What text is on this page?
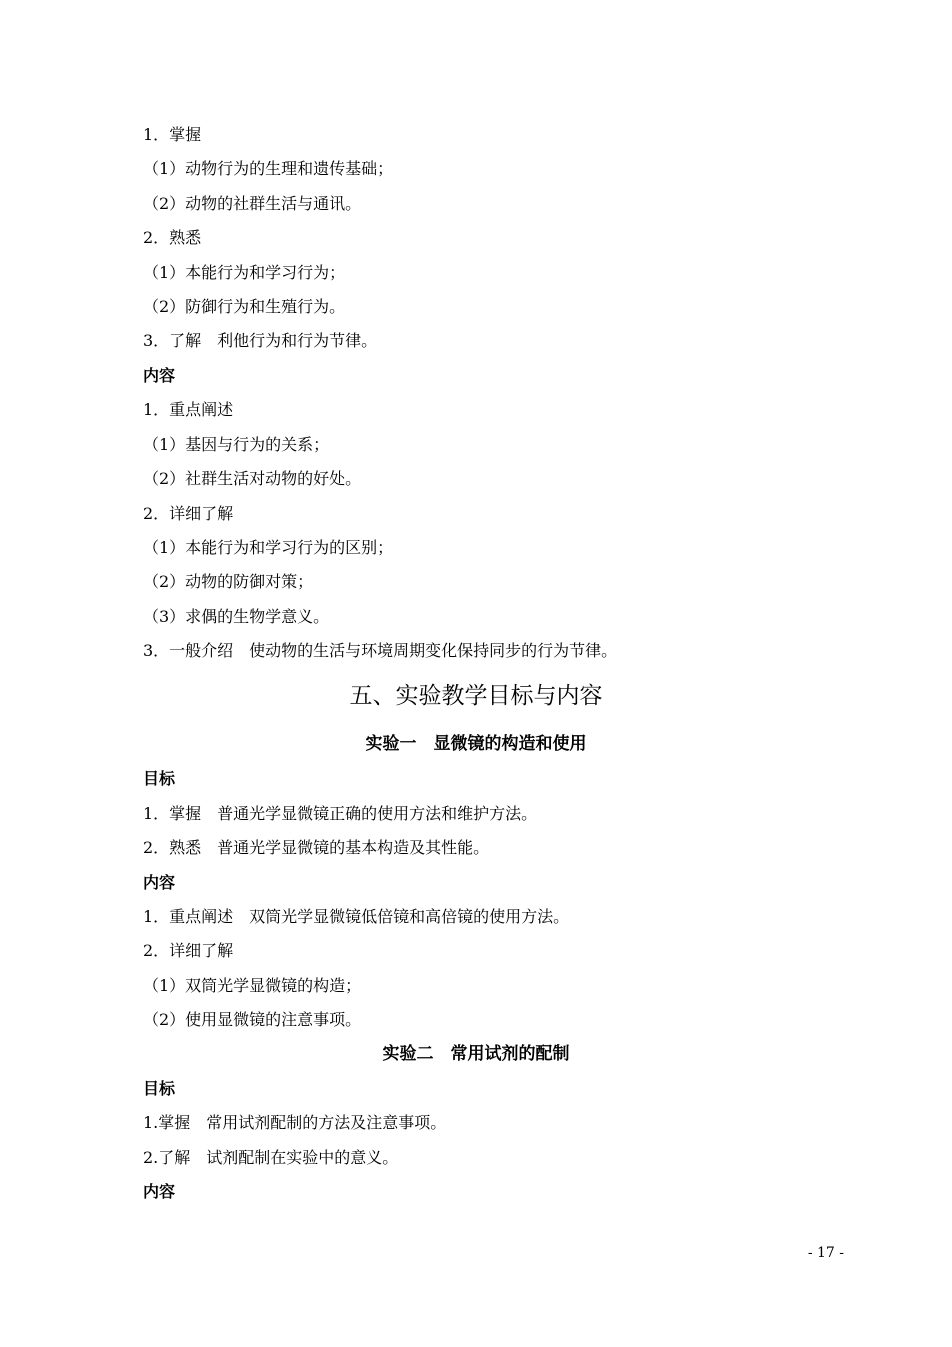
1．掌握
（1）动物行为的生理和遗传基础；
（2）动物的社群生活与通讯。
2．熟悉
（1）本能行为和学习行为；
（2）防御行为和生殖行为。
3．了解　利他行为和行为节律。
内容
1．重点阐述
（1）基因与行为的关系；
（2）社群生活对动物的好处。
2．详细了解
（1）本能行为和学习行为的区别；
（2）动物的防御对策；
（3）求偶的生物学意义。
3．一般介绍　使动物的生活与环境周期变化保持同步的行为节律。
五、实验教学目标与内容
实验一　显微镜的构造和使用
目标
1．掌握　普通光学显微镜正确的使用方法和维护方法。
2．熟悉　普通光学显微镜的基本构造及其性能。
内容
1．重点阐述　双筒光学显微镜低倍镜和高倍镜的使用方法。
2．详细了解
（1）双筒光学显微镜的构造；
（2）使用显微镜的注意事项。
实验二　常用试剂的配制
目标
1.掌握　常用试剂配制的方法及注意事项。
2.了解　试剂配制在实验中的意义。
内容
- 17 -
